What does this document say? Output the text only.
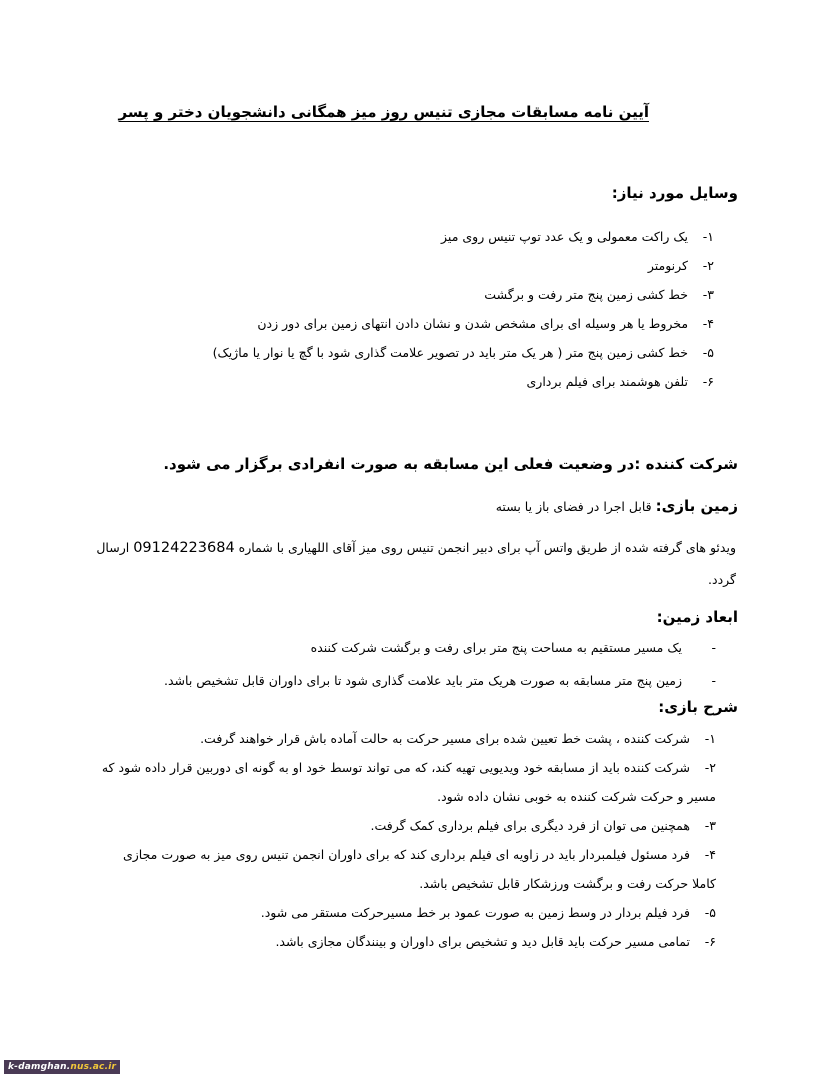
آیین نامه مسابقات مجازی تنیس روز میز همگانی دانشجویان دختر و پسر
وسایل مورد نیاز:
۱- یک راکت معمولی و یک عدد توپ تنیس روی میز
۲- کرنومتر
۳- خط کشی زمین پنج متر رفت و برگشت
۴- مخروط یا هر وسیله ای برای مشخص شدن و نشان دادن انتهای زمین برای دور زدن
۵- خط کشی زمین پنج متر ( هر یک متر باید در تصویر علامت گذاری شود با گچ یا نوار یا ماژیک)
۶- تلفن هوشمند برای فیلم برداری
شرکت کننده :در وضعیت فعلی این مسابقه به صورت انفرادی برگزار می شود.
زمین بازی: قابل اجرا در فضای باز یا بسته
ویدئو های گرفته شده از طریق واتس آپ برای دبیر انجمن تنیس روی میز آقای اللهیاری با شماره 09124223684 ارسال گردد.
ابعاد زمین:
-یک مسیر مستقیم به مساحت پنج متر برای رفت و برگشت شرکت کننده
-زمین پنج متر مسابقه به صورت هریک متر باید علامت گذاری شود تا برای داوران قابل تشخیص باشد.
شرح بازی:
۱- شرکت کننده ، پشت خط تعیین شده برای مسیر حرکت به حالت آماده باش قرار خواهند گرفت.
۲- شرکت کننده باید از مسابقه خود ویدیویی تهیه کند، که می تواند توسط خود او به گونه ای دوربین قرار داده شود که مسیر و حرکت شرکت کننده به خوبی نشان داده شود.
۳- همچنین می توان از فرد دیگری برای فیلم برداری کمک گرفت.
۴- فرد مسئول فیلمبردار باید در زاویه ای فیلم برداری کند که برای داوران انجمن تنیس روی میز به صورت مجازی کاملا حرکت رفت و برگشت ورزشکار قابل تشخیص باشد.
۵- فرد فیلم بردار در وسط زمین به صورت عمود بر خط مسیرحرکت مستقر می شود.
۶- تمامی مسیر حرکت باید قابل دید و تشخیص برای داوران و بینندگان مجازی باشد.
k-damghan.nus.ac.ir
